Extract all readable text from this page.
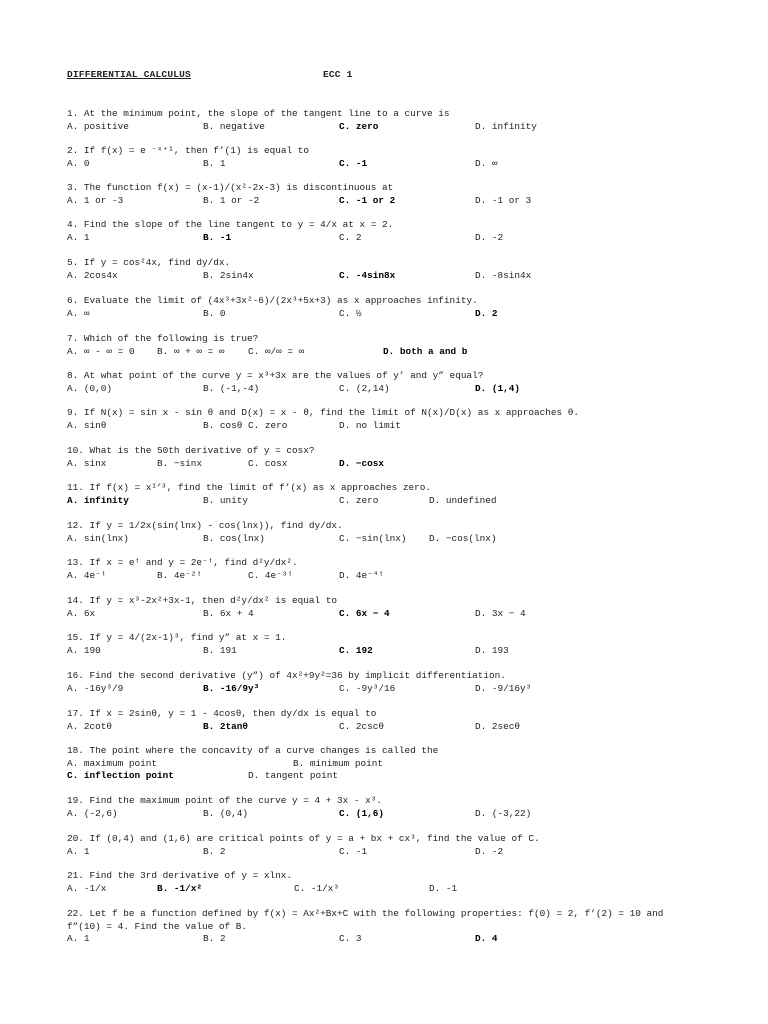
DIFFERENTIAL CALCULUS	ECC 1
1. At the minimum point, the slope of the tangent line to a curve is
A. positive	B. negative	C. zero	D. infinity
2. If f(x) = e ⁻ˣ⁺¹, then f’(1) is equal to
A. 0	B. 1	C. -1	D. ∞
3. The function f(x) = (x-1)/(x²-2x-3) is discontinuous at
A. 1 or -3	B. 1 or -2	C. -1 or 2	D. -1 or 3
4. Find the slope of the line tangent to y = 4/x at x = 2.
A. 1	B. -1	C. 2	D. -2
5. If y = cos²4x, find dy/dx.
A. 2cos4x	B. 2sin4x	C. -4sin8x	D. -8sin4x
6. Evaluate the limit of (4x³+3x²-6)/(2x³+5x+3) as x approaches infinity.
A. ∞	B. 0	C. ½	D. 2
7. Which of the following is true?
A. ∞ - ∞ = 0 B. ∞ + ∞ = ∞ C. ∞/∞ = ∞	D. both a and b
8. At what point of the curve y = x³+3x are the values of y’ and y” equal?
A. (0,0)	B. (-1,-4)	C. (2,14)	D. (1,4)
9. If N(x) = sin x - sin θ and D(x) = x - θ, find the limit of N(x)/D(x) as x approaches θ.
A. sinθ	B. cosθ C. zero	D. no limit
10. What is the 50th derivative of y = cosx?
A. sinx	B. −sinx	C. cosx	D. −cosx
11. If f(x) = x¹ᐟ³, find the limit of f’(x) as x approaches zero.
A. infinity	B. unity	C. zero	D. undefined
12. If y = 1/2x(sin(lnx) - cos(lnx)), find dy/dx.
A. sin(lnx)	B. cos(lnx)	C. −sin(lnx) D. −cos(lnx)
13. If x = eᵗ and y = 2e⁻ᵗ, find d²y/dx².
A. 4e⁻ᵗ	B. 4e⁻²ᵗ	C. 4e⁻³ᵗ	D. 4e⁻⁴ᵗ
14. If y = x³-2x²+3x-1, then d²y/dx² is equal to
A. 6x	B. 6x + 4	C. 6x − 4	D. 3x − 4
15. If y = 4/(2x-1)³, find y” at x = 1.
A. 190	B. 191	C. 192	D. 193
16. Find the second derivative (y”) of 4x²+9y²=36 by implicit differentiation.
A. -16y³/9	B. -16/9y³	C. -9y³/16	D. -9/16y³
17. If x = 2sinθ, y = 1 - 4cosθ, then dy/dx is equal to
A. 2cotθ	B. 2tanθ	C. 2cscθ	D. 2secθ
18. The point where the concavity of a curve changes is called the
A. maximum point	B. minimum point
C. inflection point	D. tangent point
19. Find the maximum point of the curve y = 4 + 3x - x³.
A. (-2,6)	B. (0,4)	C. (1,6)	D. (-3,22)
20. If (0,4) and (1,6) are critical points of y = a + bx + cx³, find the value of C.
A. 1	B. 2	C. -1	D. -2
21. Find the 3rd derivative of y = xlnx.
A. -1/x	B. -1/x²	C. -1/x³	D. -1
22. Let f be a function defined by f(x) = Ax²+Bx+C with the following properties: f(0) = 2, f’(2) = 10 and f”(10) = 4. Find the value of B.
A. 1	B. 2	C. 3	D. 4
